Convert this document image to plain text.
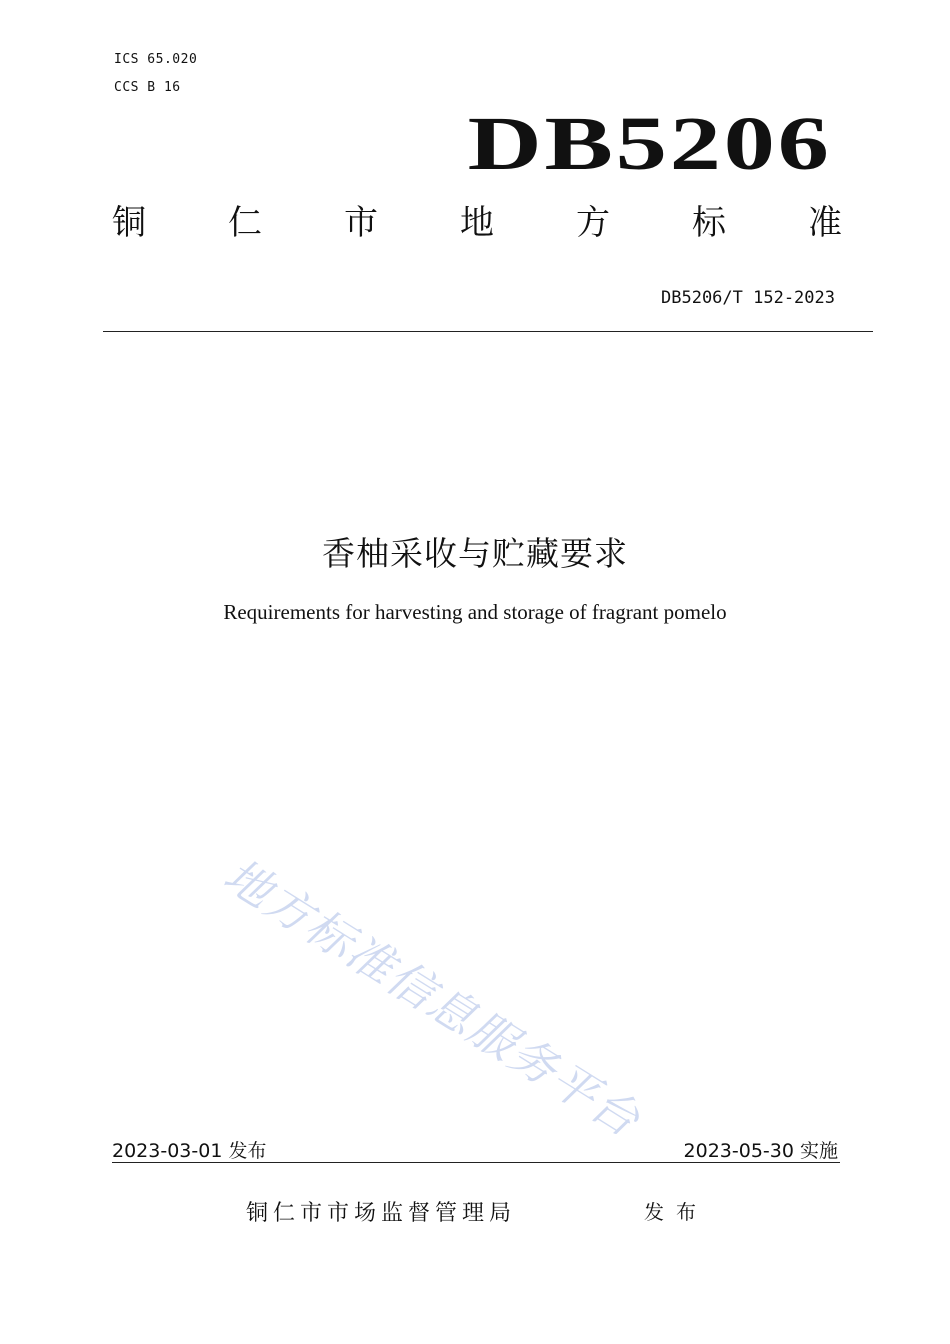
ICS 65.020
CCS B 16
DB5206
铜 仁 市 地 方 标 准
DB5206/T 152-2023
香柚采收与贮藏要求
Requirements for harvesting and storage of fragrant pomelo
地方标准信息服务平台
2023-03-01 发布	2023-05-30 实施
铜仁市市场监督管理局	发布
